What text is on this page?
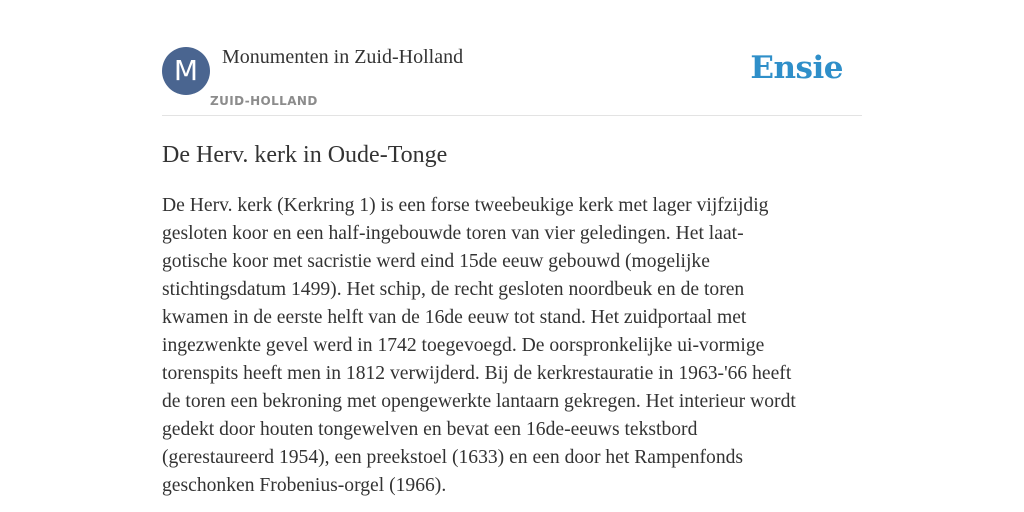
M	Monumenten in Zuid-Holland
ZUID-HOLLAND
Ensie
De Herv. kerk in Oude-Tonge
De Herv. kerk (Kerkring 1) is een forse tweebeukige kerk met lager vijfzijdig
gesloten koor en een half-ingebouwde toren van vier geledingen. Het laat-
gotische koor met sacristie werd eind 15de eeuw gebouwd (mogelijke
stichtingsdatum 1499). Het schip, de recht gesloten noordbeuk en de toren
kwamen in de eerste helft van de 16de eeuw tot stand. Het zuidportaal met
ingezwenkte gevel werd in 1742 toegevoegd. De oorspronkelijke ui-vormige
torenspits heeft men in 1812 verwijderd. Bij de kerkrestauratie in 1963-'66 heeft
de toren een bekroning met opengewerkte lantaarn gekregen. Het interieur wordt
gedekt door houten tongewelven en bevat een 16de-eeuws tekstbord
(gerestaureerd 1954), een preekstoel (1633) en een door het Rampenfonds
geschonken Frobenius-orgel (1966).
